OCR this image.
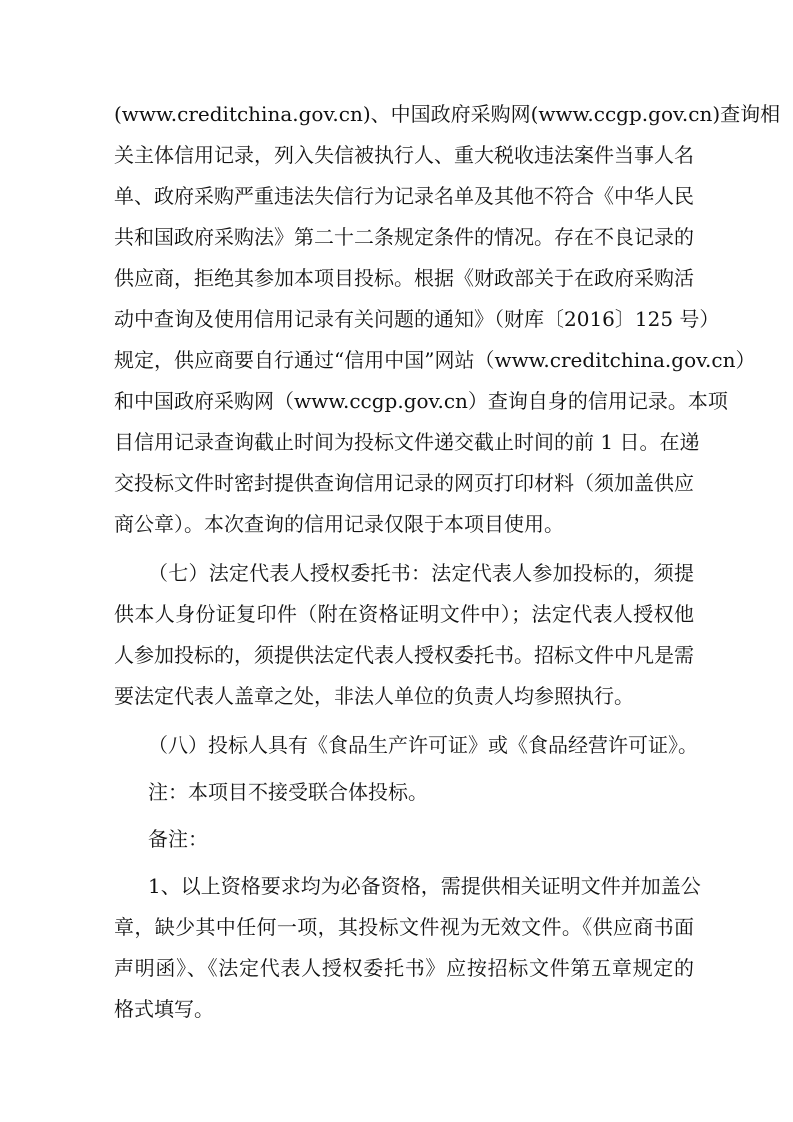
(www.creditchina.gov.cn)、中国政府采购网(www.ccgp.gov.cn)查询相
关主体信用记录，列入失信被执行人、重大税收违法案件当事人名
单、政府采购严重违法失信行为记录名单及其他不符合《中华人民
共和国政府采购法》第二十二条规定条件的情况。存在不良记录的
供应商，拒绝其参加本项目投标。根据《财政部关于在政府采购活
动中查询及使用信用记录有关问题的通知》（财库〔2016〕125 号）
规定，供应商要自行通过“信用中国”网站（www.creditchina.gov.cn）
和中国政府采购网（www.ccgp.gov.cn）查询自身的信用记录。本项
目信用记录查询截止时间为投标文件递交截止时间的前 1 日。在递
交投标文件时密封提供查询信用记录的网页打印材料（须加盖供应
商公章）。本次查询的信用记录仅限于本项目使用。
（七）法定代表人授权委托书：法定代表人参加投标的，须提
供本人身份证复印件（附在资格证明文件中）；法定代表人授权他
人参加投标的，须提供法定代表人授权委托书。招标文件中凡是需
要法定代表人盖章之处，非法人单位的负责人均参照执行。
（八）投标人具有《食品生产许可证》或《食品经营许可证》。
注：本项目不接受联合体投标。
备注：
1、以上资格要求均为必备资格，需提供相关证明文件并加盖公
章，缺少其中任何一项，其投标文件视为无效文件。《供应商书面
声明函》、《法定代表人授权委托书》应按招标文件第五章规定的
格式填写。
